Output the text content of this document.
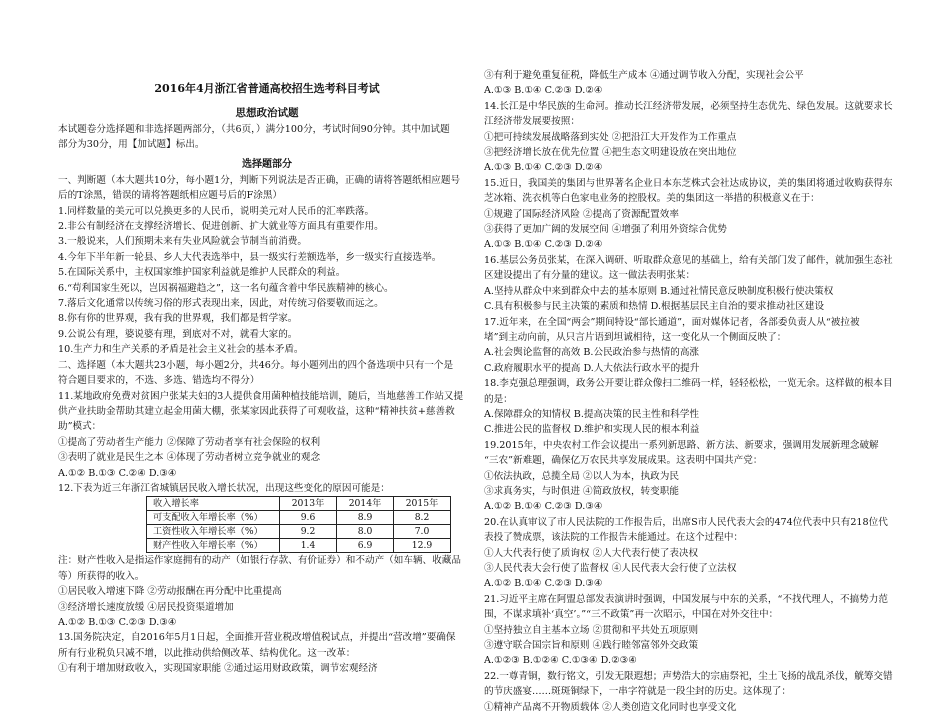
2016年4月浙江省普通高校招生选考科目考试
思想政治试题
本试题卷分选择题和非选择题两部分，（共6页，）满分100分，考试时间90分钟。其中加试题
部分为30分，用【加试题】标出。
选择题部分
一、判断题（本大题共10分，每小题1分，判断下列说法是否正确，正确的请将答题纸相应题号
后的T涂黑，错误的请将答题纸相应题号后的F涂黑）
1.同样数量的美元可以兑换更多的人民币，说明美元对人民币的汇率跌落。
2.非公有制经济在支撑经济增长、促进创新、扩大就业等方面具有重要作用。
3.一般说来，人们预期未来有失业风险就会节制当前消费。
4.今年下半年新一轮县、乡人大代表选举中，县一级实行差额选举，乡一级实行直接选举。
5.在国际关系中，主权国家维护国家利益就是维护人民群众的利益。
6.“苟利国家生死以，岂因祸福避趋之”，这一名句蕴含着中华民族精神的核心。
7.落后文化通常以传统习俗的形式表现出来，因此，对传统习俗要敬而远之。
8.你有你的世界观，我有我的世界观，我们都是哲学家。
9.公说公有理，婆说婆有理，到底对不对，就看大家的。
10.生产力和生产关系的矛盾是社会主义社会的基本矛盾。
二、选择题（本大题共23小题，每小题2分，共46分。每小题列出的四个备选项中只有一个是
符合题目要求的，不选、多选、错选均不得分）
11.某地政府免费对贫困户张某夫妇的3人提供食用菌种植技能培训，随后，当地慈善工作站又提
供产业扶助金帮助其建立起金用菌大棚，张某家因此获得了可观收益，这种“精神扶贫+慈善救
助”模式：
①提高了劳动者生产能力 ②保障了劳动者享有社会保险的权利
③表明了就业是民生之本 ④体现了劳动者树立竞争就业的观念
A.①② B.①③ C.②④ D.③④
12.下表为近三年浙江省城镇居民收入增长状况，出现这些变化的原因可能是：
收入增长率	2013年	2014年	2015年
可支配收入年增长率（%）	9.6	8.9	8.2
工资性收入年增长率（%）	9.2	8.0	7.0
财产性收入年增长率（%）	1.4	6.9	12.9
注：财产性收入是指运作家庭拥有的动产（如银行存款、有价证券）和不动产（如车辆、收藏品
等）所获得的收入。
①居民收入增速下降 ②劳动报酬在再分配中比重提高
③经济增长速度放缓 ④居民投资渠道增加
A.①② B.①③ C.②③ D.③④
13.国务院决定，自2016年5月1日起，全面推开营业税改增值税试点，并提出“营改增”要确保
所有行业税负只减不增，以此推动供给侧改革、结构优化。这一改革：
①有利于增加财政收入，实现国家职能 ②通过运用财政政策，调节宏观经济
③有利于避免重复征税，降低生产成本 ④通过调节收入分配，实现社会公平
A.①③ B.①④ C.②③ D.②④
14.长江是中华民族的生命河。推动长江经济带发展，必须坚持生态优先、绿色发展。这就要求长
江经济带发展要按照：
①把可持续发展战略落到实处 ②把沿江大开发作为工作重点
③把经济增长放在优先位置 ④把生态文明建设放在突出地位
A.①③ B.①④ C.②③ D.②④
15.近日，我国美的集团与世界著名企业日本东芝株式会社达成协议，美的集团将通过收购获得东
芝冰箱、洗衣机等白色家电业务的控股权。美的集团这一举措的积极意义在于：
①规避了国际经济风险 ②提高了资源配置效率
③获得了更加广阔的发展空间 ④增强了利用外资综合优势
A.①③ B.①④ C.②③ D.②④
16.基层公务员张某，在深入调研、听取群众意见的基础上，给有关部门发了邮件，就加强生态社
区建设提出了有分量的建议。这一做法表明张某：
A.坚持从群众中来到群众中去的基本原则 B.通过社情民意反映制度积极行使决策权
C.具有积极参与民主决策的素质和热情 D.根据基层民主自治的要求推动社区建设
17.近年来，在全国“两会”期间特设“部长通道”，面对媒体记者，各部委负责人从“被拉被
堵”到主动向前，从只言片语到坦诚相待，这一变化从一个侧面反映了：
A.社会舆论监督的高效 B.公民政治参与热情的高涨
C.政府履职水平的提高 D.人大依法行政水平的提升
18.李克强总理强调，政务公开要让群众像扫二维码一样，轻轻松松，一览无余。这样做的根本目
的是：
A.保障群众的知情权 B.提高决策的民主性和科学性
C.推进公民的监督权 D.维护和实现人民的根本利益
19.2015年，中央农村工作会议提出一系列新思路、新方法、新要求，强调用发展新理念破解
“三农”新难题，确保亿万农民共享发展成果。这表明中国共产党：
①依法执政，总揽全局 ②以人为本，执政为民
③求真务实，与时俱进 ④简政放权，转变职能
A.①② B.①④ C.②③ D.③④
20.在认真审议了市人民法院的工作报告后，出席S市人民代表大会的474位代表中只有218位代
表投了赞成票，该法院的工作报告未能通过。在这个过程中：
①人大代表行使了质询权 ②人大代表行使了表决权
③人民代表大会行使了监督权 ④人民代表大会行使了立法权
A.①② B.①④ C.②③ D.③④
21.习近平主席在阿盟总部发表演讲时强调，中国发展与中东的关系，“不找代理人，不搞势力范
围，不谋求填补‘真空’。”“三不政策”再一次昭示，中国在对外交往中：
①坚持独立自主基本立场 ②贯彻和平共处五项原则
③遵守联合国宗旨和原则 ④践行睦邻富邻外交政策
A.①②③ B.①②④ C.①③④ D.②③④
22.一尊青铜，数行铭文，引发无限遐想；声势浩大的宗庙祭祀，尘土飞扬的战乱杀伐，觥筹交错
的节庆盛宴……斑斑铜绿下，一串字符就是一段尘封的历史。这体现了：
①精神产品离不开物质载体 ②人类创造文化同时也享受文化
